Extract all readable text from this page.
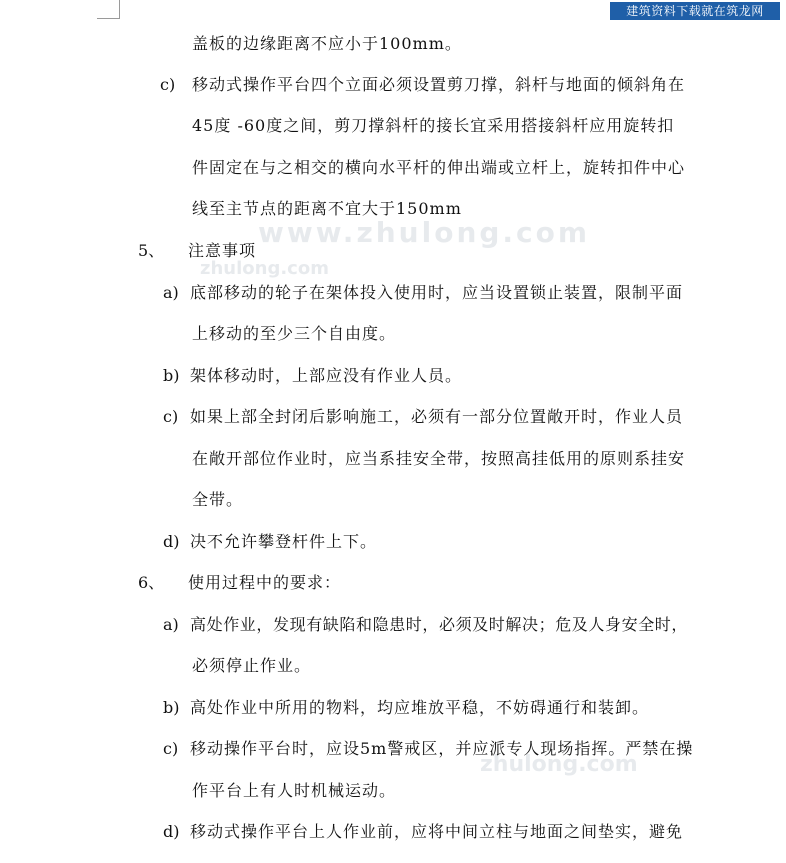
建筑资料下载就在筑龙网
www.zhulong.com
zhulong.com
zhulong.com
盖板的边缘距离不应小于100mm。
c) 移动式操作平台四个立面必须设置剪刀撑，斜杆与地面的倾斜角在
45度 -60度之间，剪刀撑斜杆的接长宜采用搭接斜杆应用旋转扣
件固定在与之相交的横向水平杆的伸出端或立杆上，旋转扣件中心
线至主节点的距离不宜大于150mm
5、 注意事项
a) 底部移动的轮子在架体投入使用时，应当设置锁止装置，限制平面
上移动的至少三个自由度。
b) 架体移动时，上部应没有作业人员。
c) 如果上部全封闭后影响施工，必须有一部分位置敞开时，作业人员
在敞开部位作业时，应当系挂安全带，按照高挂低用的原则系挂安
全带。
d) 决不允许攀登杆件上下。
6、 使用过程中的要求：
a) 高处作业，发现有缺陷和隐患时，必须及时解决；危及人身安全时，
必须停止作业。
b) 高处作业中所用的物料，均应堆放平稳，不妨碍通行和装卸。
c) 移动操作平台时，应设5m警戒区，并应派专人现场指挥。严禁在操
作平台上有人时机械运动。
d) 移动式操作平台上人作业前，应将中间立柱与地面之间垫实，避免
